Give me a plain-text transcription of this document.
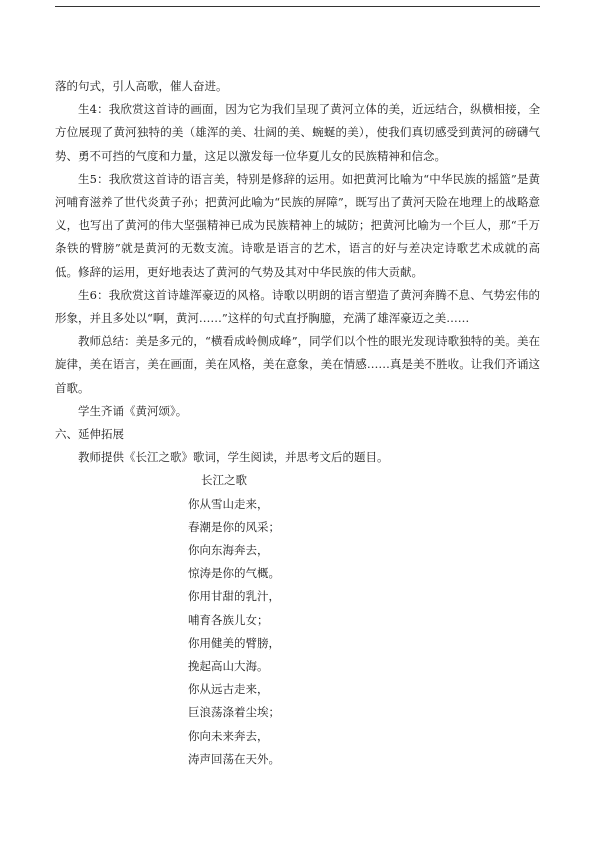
落的句式，引人高歌，催人奋进。

生4：我欣赏这首诗的画面，因为它为我们呈现了黄河立体的美，近远结合，纵横相接，全方位展现了黄河独特的美（雄浑的美、壮阔的美、蜿蜒的美），使我们真切感受到黄河的磅礴气势、勇不可挡的气度和力量，这足以激发每一位华夏儿女的民族精神和信念。

生5：我欣赏这首诗的语言美，特别是修辞的运用。如把黄河比喻为“中华民族的摇篮”是黄河哺育滋养了世代炎黄子孙；把黄河此喻为“民族的屏障”，既写出了黄河天险在地理上的战略意义，也写出了黄河的伟大坚强精神已成为民族精神上的城防；把黄河比喻为一个巨人，那“千万条铁的臂膀”就是黄河的无数支流。诗歌是语言的艺术，语言的好与差决定诗歌艺术成就的高低。修辞的运用，更好地表达了黄河的气势及其对中华民族的伟大贡献。

生6：我欣赏这首诗雄浑豪迈的风格。诗歌以明朗的语言塑造了黄河奔腾不息、气势宏伟的形象，并且多处以“啊，黄河……”这样的句式直抒胸臆，充满了雄浑豪迈之美……

教师总结：美是多元的，“横看成岭侧成峰”，同学们以个性的眼光发现诗歌独特的美。美在旋律，美在语言，美在画面，美在风格，美在意象，美在情感……真是美不胜收。让我们齐诵这首歌。

学生齐诵《黄河颂》。

六、延伸拓展

教师提供《长江之歌》歌词，学生阅读，并思考文后的题目。

长江之歌
你从雪山走来，
春潮是你的风采；
你向东海奔去，
惊涛是你的气概。
你用甘甜的乳汁，
哺育各族儿女；
你用健美的臂膀，
挽起高山大海。
你从远古走来，
巨浪荡涤着尘埃；
你向未来奔去，
涛声回荡在天外。
